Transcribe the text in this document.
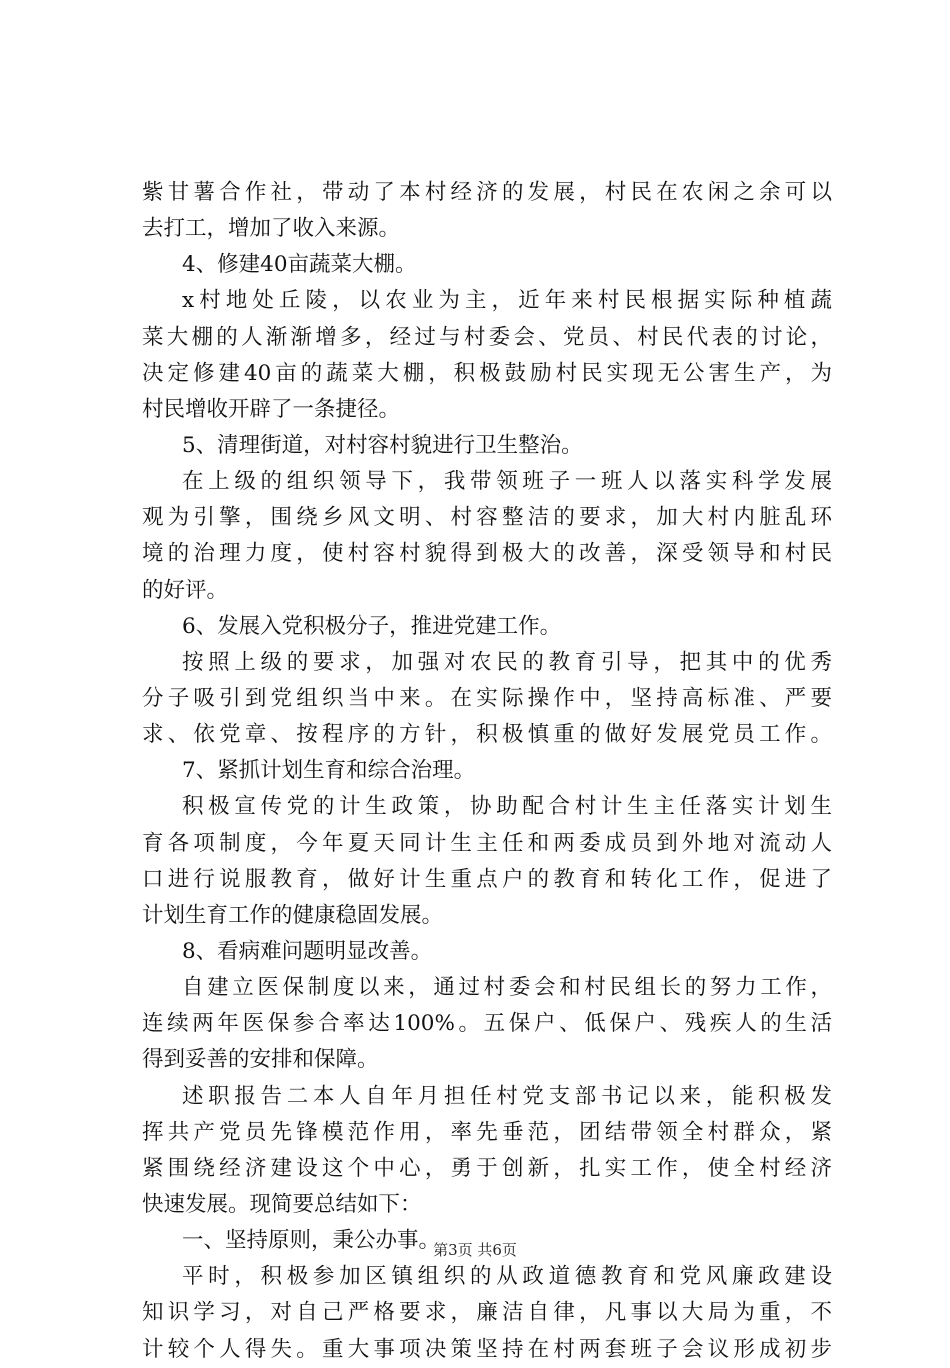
紫甘薯合作社，带动了本村经济的发展，村民在农闲之余可以
去打工，增加了收入来源。
4、修建40亩蔬菜大棚。
x村地处丘陵，以农业为主，近年来村民根据实际种植蔬
菜大棚的人渐渐增多，经过与村委会、党员、村民代表的讨论，
决定修建40亩的蔬菜大棚，积极鼓励村民实现无公害生产，为
村民增收开辟了一条捷径。
5、清理街道，对村容村貌进行卫生整治。
在上级的组织领导下，我带领班子一班人以落实科学发展
观为引擎，围绕乡风文明、村容整洁的要求，加大村内脏乱环
境的治理力度，使村容村貌得到极大的改善，深受领导和村民
的好评。
6、发展入党积极分子，推进党建工作。
按照上级的要求，加强对农民的教育引导，把其中的优秀
分子吸引到党组织当中来。在实际操作中，坚持高标准、严要
求、依党章、按程序的方针，积极慎重的做好发展党员工作。
7、紧抓计划生育和综合治理。
积极宣传党的计生政策，协助配合村计生主任落实计划生
育各项制度，今年夏天同计生主任和两委成员到外地对流动人
口进行说服教育，做好计生重点户的教育和转化工作，促进了
计划生育工作的健康稳固发展。
8、看病难问题明显改善。
自建立医保制度以来，通过村委会和村民组长的努力工作，
连续两年医保参合率达100%。五保户、低保户、残疾人的生活
得到妥善的安排和保障。
述职报告二本人自年月担任村党支部书记以来，能积极发
挥共产党员先锋模范作用，率先垂范，团结带领全村群众，紧
紧围绕经济建设这个中心，勇于创新，扎实工作，使全村经济
快速发展。现简要总结如下：
一、坚持原则，秉公办事。
平时，积极参加区镇组织的从政道德教育和党风廉政建设
知识学习，对自己严格要求，廉洁自律，凡事以大局为重，不
计较个人得失。重大事项决策坚持在村两套班子会议形成初步
第3页 共6页
